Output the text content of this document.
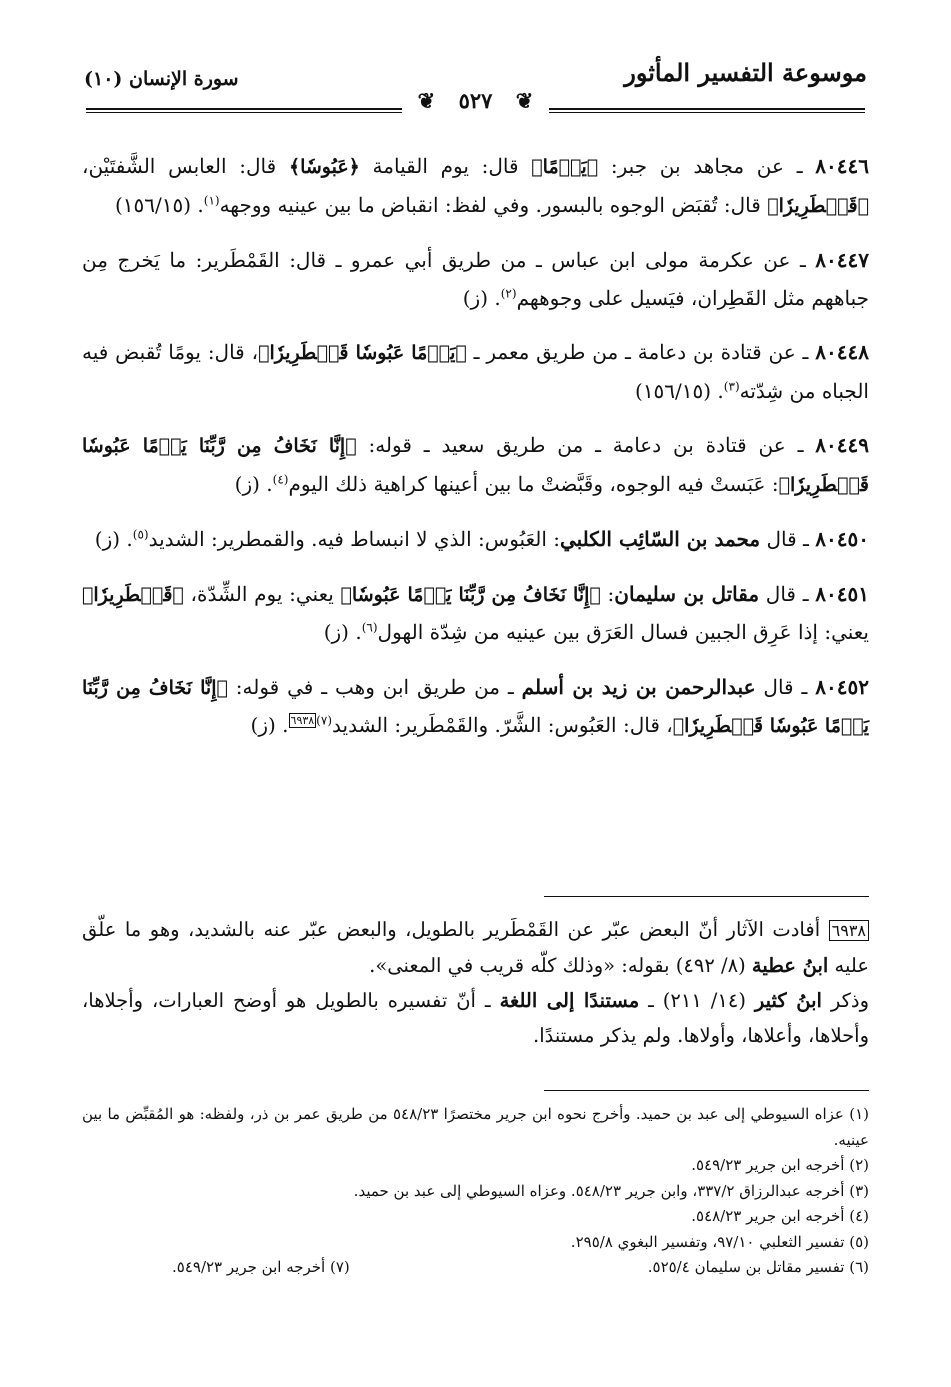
موسوعة التفسير المأثور
سورة الإنسان (١٠)
❦ ٥٢٧ ❦

٨٠٤٤٦ ـ عن مجاهد بن جبر: ﴿يَوۡمًا﴾ قال: يوم القيامة ﴿عَبُوسٗا﴾ قال: العابس الشَّفتَيْن، ﴿قَمۡطَرِيرٗا﴾ قال: تُقبَض الوجوه بالبسور. وفي لفظ: انقباض ما بين عينيه ووجهه$^{(١)}$. (١٥٦/١٥)

٨٠٤٤٧ ـ عن عكرمة مولى ابن عباس ـ من طريق أبي عمرو ـ قال: القَمْطَرير: ما يَخرج مِن جباههم مثل القَطِران، فيَسيل على وجوههم$^{(٢)}$. (ز)

٨٠٤٤٨ ـ عن قتادة بن دعامة ـ من طريق معمر ـ ﴿يَوۡمًا عَبُوسٗا قَمۡطَرِيرٗا﴾، قال: يومًا تُقبض فيه الجباه من شِدّته$^{(٣)}$. (١٥٦/١٥)

٨٠٤٤٩ ـ عن قتادة بن دعامة ـ من طريق سعيد ـ قوله: ﴿إِنَّا نَخَافُ مِن رَّبِّنَا يَوۡمًا عَبُوسٗا قَمۡطَرِيرٗا﴾: عَبَستْ فيه الوجوه، وقَبَّضتْ ما بين أعينها كراهية ذلك اليوم$^{(٤)}$. (ز)

٨٠٤٥٠ ـ قال محمد بن السّائِب الكلبي: العَبُوس: الذي لا انبساط فيه. والقمطرير: الشديد$^{(٥)}$. (ز)

٨٠٤٥١ ـ قال مقاتل بن سليمان: ﴿إِنَّا نَخَافُ مِن رَّبِّنَا يَوۡمًا عَبُوسٗا﴾ يعني: يوم الشِّدّة، ﴿قَمۡطَرِيرٗا﴾ يعني: إذا عَرِق الجبين فسال العَرَق بين عينيه من شِدّة الهول$^{(٦)}$. (ز)

٨٠٤٥٢ ـ قال عبدالرحمن بن زيد بن أسلم ـ من طريق ابن وهب ـ في قوله: ﴿إِنَّا نَخَافُ مِن رَّبِّنَا يَوۡمًا عَبُوسٗا قَمۡطَرِيرٗا﴾، قال: العَبُوس: الشَّرّ. والقَمْطَرير: الشديد$^{(٧)٦٩٣٨}$. (ز)

٦٩٣٨ أفادت الآثار أنّ البعض عبّر عن القَمْطَرير بالطويل، والبعض عبّر عنه بالشديد، وهو ما علّق عليه ابنُ عطية (٨/ ٤٩٢) بقوله: «وذلك كلّه قريب في المعنى».
وذكر ابنُ كثير (١٤/ ٢١١) ـ مستندًا إلى اللغة ـ أنّ تفسيره بالطويل هو أوضح العبارات، وأجلاها، وأحلاها، وأعلاها، وأولاها. ولم يذكر مستندًا.
(١) عزاه السيوطي إلى عبد بن حميد. وأخرج نحوه ابن جرير مختصرًا ٥٤٨/٢٣ من طريق عمر بن ذر، ولفظه: هو المُقبِّض ما بين عينيه.
(٢) أخرجه ابن جرير ٥٤٩/٢٣.
(٣) أخرجه عبدالرزاق ٣٣٧/٢، وابن جرير ٥٤٨/٢٣. وعزاه السيوطي إلى عبد بن حميد.
(٤) أخرجه ابن جرير ٥٤٨/٢٣.
(٥) تفسير الثعلبي ٩٧/١٠، وتفسير البغوي ٢٩٥/٨.
(٦) تفسير مقاتل بن سليمان ٥٢٥/٤.
(٧) أخرجه ابن جرير ٥٤٩/٢٣.
